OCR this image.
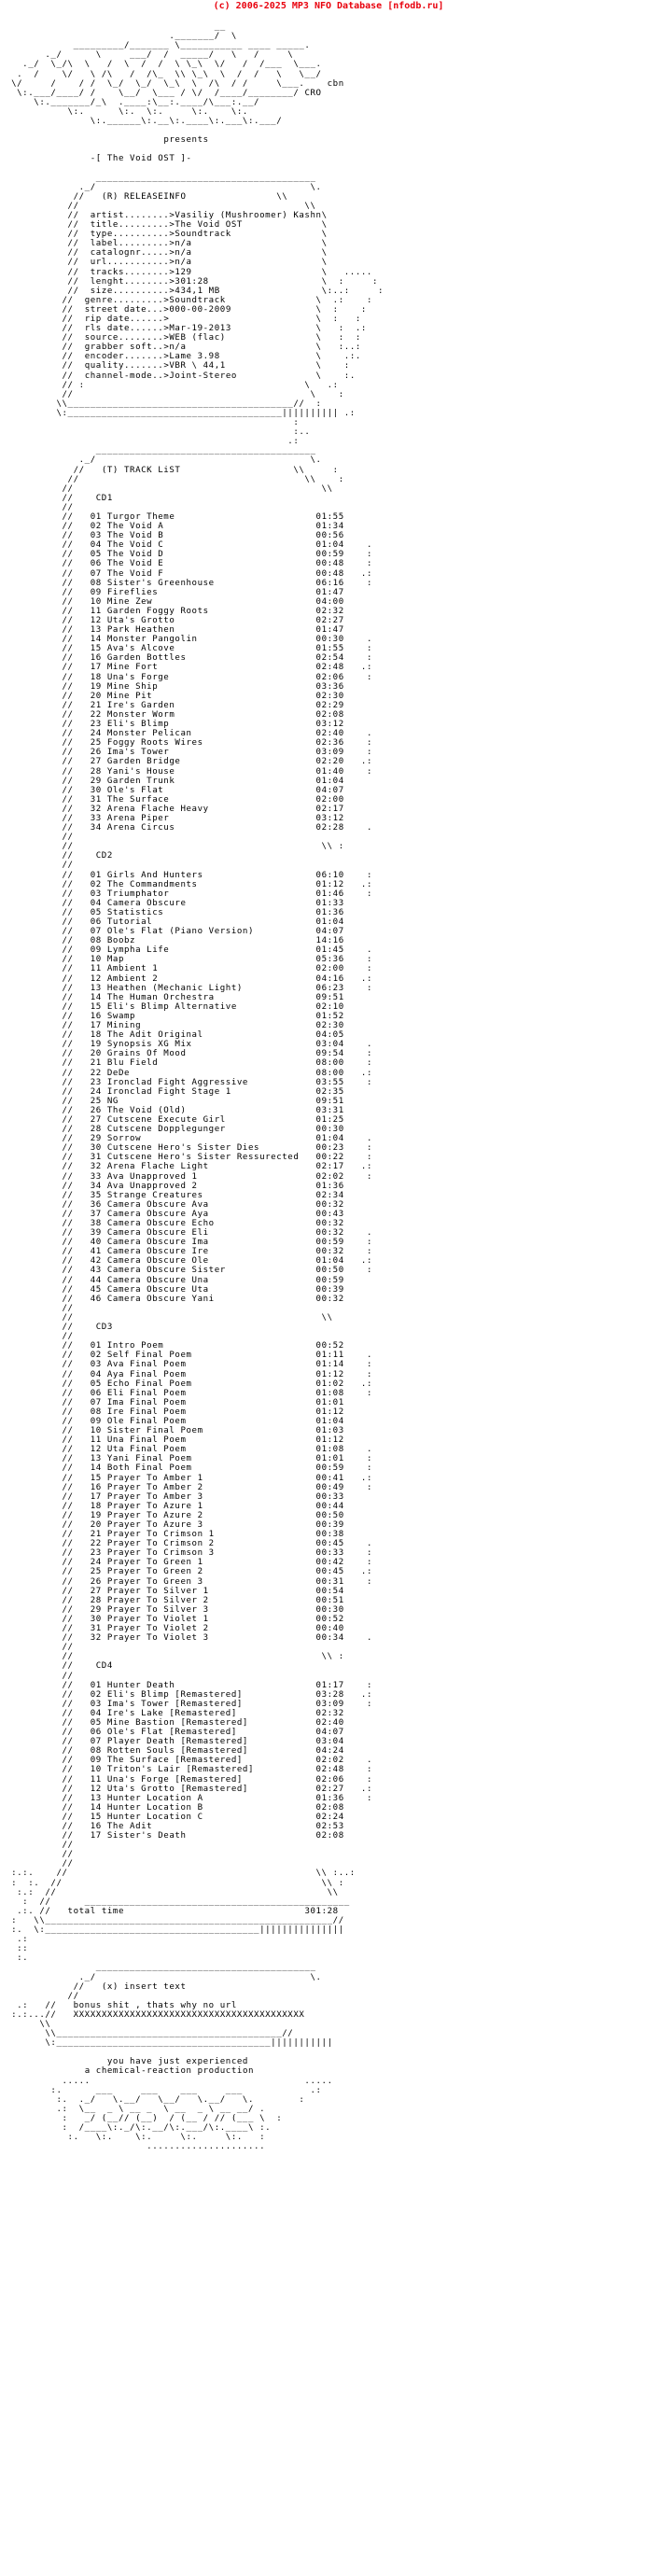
(c) 2006-2025 MP3 NFO Database [nfodb.ru]

__
._______/  \
_________/_______ \___________ ____ _____.
._/      \     ___/  /  _____/   \   /     \
._/  \_/\  \   /  \  /  /  \ \_\  \/   /  /___  \___.
.  /    \/   \ /\   /  /\_  \\ \_\  \  /  /   \   \__/
\/     /    / /  \_/  \_/  \_\  \  /\  / /     \___.    cbn
\:.___/____/ /    \__/  \___ / \/  /____/________/ CRO
\:._______/_\  .____:\__:.____/\___:.__/
\:.      \:.  \:.     \:.    \:.
\:.______\:.__\:.____\:.___\:.___/

presents

-[ The Void OST ]-

_______________________________________
._/                                      \.
//   (R) RELEASEINFO                \\
//                                        \\
//  artist........>Vasiliy (Mushroomer) Kashn\
//  title.........>The Void OST              \
//  type..........>Soundtrack                \
//  label.........>n/a                       \
//  catalognr.....>n/a                       \
//  url...........>n/a                       \
//  tracks........>129                       \   .....
//  lenght........>301:28                    \  :     :
//  size..........>434,1 MB                  \:..:     :
//  genre.........>Soundtrack                \  .:    :
//  street date...>000-00-2009               \  :    :
//  rip date......>                          \  :   :
//  rls date......>Mar-19-2013               \   :  .:
//  source........>WEB (flac)                \   :  :
//  grabber soft..>n/a                       \   :..:
//  encoder.......>Lame 3.98                 \    .:.
//  quality.......>VBR \ 44,1                \    :
//  channel-mode..>Joint-Stereo              \    :.
// :                                       \   .:
//                                          \    :
\\________________________________________//  :
\:______________________________________|||||||||| .:
:
:..
.:
_______________________________________
._/                                      \.
//   (T) TRACK LiST                    \\     :
//                                        \\    :
//                                            \\
//    CD1
//
//   01 Turgor Theme                         01:55
//   02 The Void A                           01:34
//   03 The Void B                           00:56
//   04 The Void C                           01:04    .
//   05 The Void D                           00:59    :
//   06 The Void E                           00:48    :
//   07 The Void F                           00:48   .:
//   08 Sister's Greenhouse                  06:16    :
//   09 Fireflies                            01:47
//   10 Mine Zew                             04:00
//   11 Garden Foggy Roots                   02:32
//   12 Uta's Grotto                         02:27
//   13 Park Heathen                         01:47
//   14 Monster Pangolin                     00:30    .
//   15 Ava's Alcove                         01:55    :
//   16 Garden Bottles                       02:54    :
//   17 Mine Fort                            02:48   .:
//   18 Una's Forge                          02:06    :
//   19 Mine Ship                            03:36
//   20 Mine Pit                             02:30
//   21 Ire's Garden                         02:29
//   22 Monster Worm                         02:08
//   23 Eli's Blimp                          03:12
//   24 Monster Pelican                      02:40    .
//   25 Foggy Roots Wires                    02:36    :
//   26 Ima's Tower                          03:09    :
//   27 Garden Bridge                        02:20   .:
//   28 Yani's House                         01:40    :
//   29 Garden Trunk                         01:04
//   30 Ole's Flat                           04:07
//   31 The Surface                          02:00
//   32 Arena Flache Heavy                   02:17
//   33 Arena Piper                          03:12
//   34 Arena Circus                         02:28    .
//
//                                            \\ :
//    CD2
//
//   01 Girls And Hunters                    06:10    :
//   02 The Commandments                     01:12   .:
//   03 Triumphator                          01:46    :
//   04 Camera Obscure                       01:33
//   05 Statistics                           01:36
//   06 Tutorial                             01:04
//   07 Ole's Flat (Piano Version)           04:07
//   08 Boobz                                14:16
//   09 Lympha Life                          01:45    .
//   10 Map                                  05:36    :
//   11 Ambient 1                            02:00    :
//   12 Ambient 2                            04:16   .:
//   13 Heathen (Mechanic Light)             06:23    :
//   14 The Human Orchestra                  09:51
//   15 Eli's Blimp Alternative              02:10
//   16 Swamp                                01:52
//   17 Mining                               02:30
//   18 The Adit Original                    04:05
//   19 Synopsis XG Mix                      03:04    .
//   20 Grains Of Mood                       09:54    :
//   21 Blu Field                            08:00    :
//   22 DeDe                                 08:00   .:
//   23 Ironclad Fight Aggressive            03:55    :
//   24 Ironclad Fight Stage 1               02:35
//   25 NG                                   09:51
//   26 The Void (Old)                       03:31
//   27 Cutscene Execute Girl                01:25
//   28 Cutscene Dopplegunger                00:30
//   29 Sorrow                               01:04    .
//   30 Cutscene Hero's Sister Dies          00:23    :
//   31 Cutscene Hero's Sister Ressurected   00:22    :
//   32 Arena Flache Light                   02:17   .:
//   33 Ava Unapproved 1                     02:02    :
//   34 Ava Unapproved 2                     01:36
//   35 Strange Creatures                    02:34
//   36 Camera Obscure Ava                   00:32
//   37 Camera Obscure Aya                   00:43
//   38 Camera Obscure Echo                  00:32
//   39 Camera Obscure Eli                   00:32    .
//   40 Camera Obscure Ima                   00:59    :
//   41 Camera Obscure Ire                   00:32    :
//   42 Camera Obscure Ole                   01:04   .:
//   43 Camera Obscure Sister                00:50    :
//   44 Camera Obscure Una                   00:59
//   45 Camera Obscure Uta                   00:39
//   46 Camera Obscure Yani                  00:32
//
//                                            \\
//    CD3
//
//   01 Intro Poem                           00:52
//   02 Self Final Poem                      01:11    .
//   03 Ava Final Poem                       01:14    :
//   04 Aya Final Poem                       01:12    :
//   05 Echo Final Poem                      01:02   .:
//   06 Eli Final Poem                       01:08    :
//   07 Ima Final Poem                       01:01
//   08 Ire Final Poem                       01:12
//   09 Ole Final Poem                       01:04
//   10 Sister Final Poem                    01:03
//   11 Una Final Poem                       01:12
//   12 Uta Final Poem                       01:08    .
//   13 Yani Final Poem                      01:01    :
//   14 Both Final Poem                      00:59    :
//   15 Prayer To Amber 1                    00:41   .:
//   16 Prayer To Amber 2                    00:49    :
//   17 Prayer To Amber 3                    00:33
//   18 Prayer To Azure 1                    00:44
//   19 Prayer To Azure 2                    00:50
//   20 Prayer To Azure 3                    00:39
//   21 Prayer To Crimson 1                  00:38
//   22 Prayer To Crimson 2                  00:45    .
//   23 Prayer To Crimson 3                  00:33    :
//   24 Prayer To Green 1                    00:42    :
//   25 Prayer To Green 2                    00:45   .:
//   26 Prayer To Green 3                    00:31    :
//   27 Prayer To Silver 1                   00:54
//   28 Prayer To Silver 2                   00:51
//   29 Prayer To Silver 3                   00:30
//   30 Prayer To Violet 1                   00:52
//   31 Prayer To Violet 2                   00:40
//   32 Prayer To Violet 3                   00:34    .
//
//                                            \\ :
//    CD4
//
//   01 Hunter Death                         01:17    :
//   02 Eli's Blimp [Remastered]             03:28   .:
//   03 Ima's Tower [Remastered]             03:09    :
//   04 Ire's Lake [Remastered]              02:32
//   05 Mine Bastion [Remastered]            02:40
//   06 Ole's Flat [Remastered]              04:07
//   07 Player Death [Remastered]            03:04
//   08 Rotten Souls [Remastered]            04:24
//   09 The Surface [Remastered]             02:02    .
//   10 Triton's Lair [Remastered]           02:48    :
//   11 Una's Forge [Remastered]             02:06    :
//   12 Uta's Grotto [Remastered]            02:27   .:
//   13 Hunter Location A                    01:36    :
//   14 Hunter Location B                    02:08
//   15 Hunter Location C                    02:24
//   16 The Adit                             02:53
//   17 Sister's Death                       02:08
//
//
//
:.:.    //                                            \\ :..:
:  :.  //                                              \\ :
:.:  //                                                \\
:  //      _______________________________________________
.:. //   total time	301:28
:   \\___________________________________________________//
:.  \:______________________________________|||||||||||||||
.:
::
:.
_______________________________________
._/                                      \.
//   (x) insert text
//
.:   //   bonus shit , thats why no url
:.:...//   XXXXXXXXXXXXXXXXXXXXXXXXXXXXXXXXXXXXXXXXX
\\
\\________________________________________//
\:______________________________________|||||||||||

you have just experienced
a chemical-reaction production
.....                                      .....
:.      ___     ___    ___     ___            .:
:.  ._/   \.__/   \__/   \.__/   \.        :
.:  \__  _ \ __ _  \ __  _ \ __ __/ .
:   _/ (__// (__)  / (__ / // (___ \  :
:  /____\:._/\:.__/\:.___/\:.____\ :.
:.   \:.    \:.     \:.     \:.   :
.....................
